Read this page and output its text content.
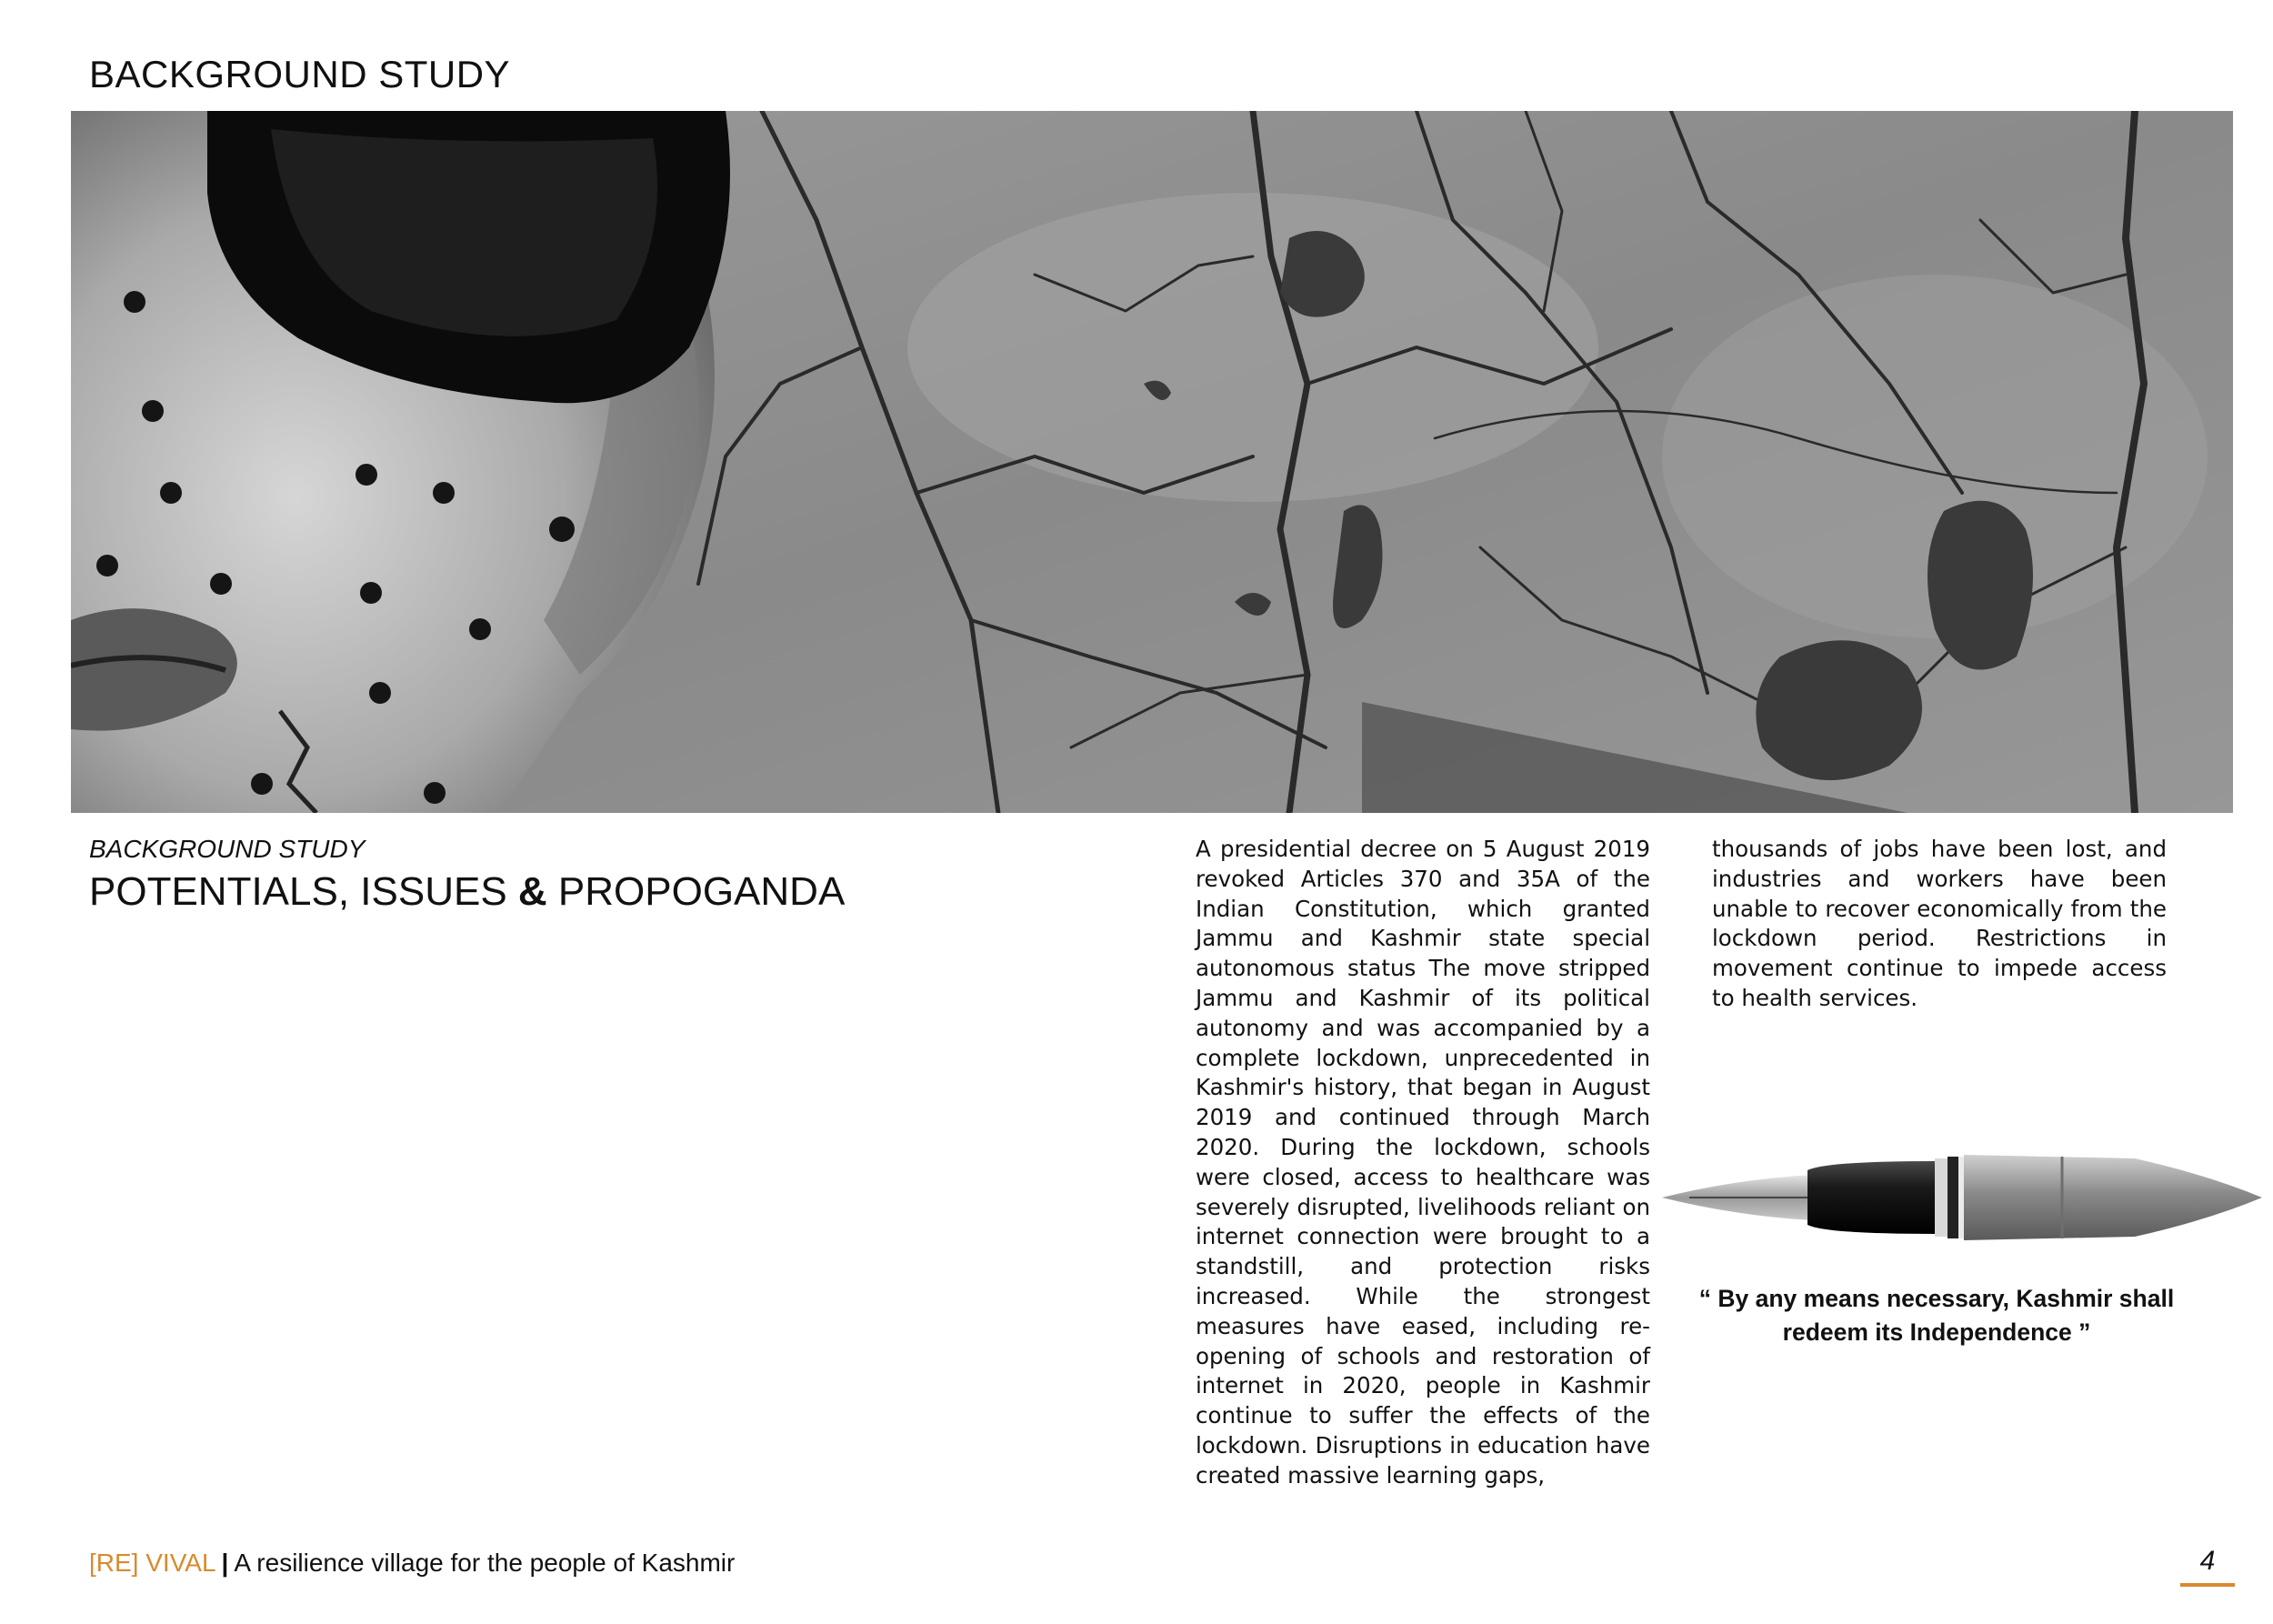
BACKGROUND STUDY
BACKGROUND STUDY
POTENTIALS, ISSUES & PROPOGANDA
A presidential decree on 5 August 2019 revoked Articles 370 and 35A of the Indian Constitution, which granted Jammu and Kashmir state special autonomous status The move stripped Jammu and Kashmir of its political autonomy and was accompanied by a complete lockdown, unprecedented in Kashmir's history, that began in August 2019 and continued through March 2020. During the lockdown, schools were closed, access to healthcare was severely disrupted, livelihoods reliant on internet connection were brought to a standstill, and protection risks increased. While the strongest measures have eased, including re-opening of schools and restoration of internet in 2020, people in Kashmir continue to suffer the effects of the lockdown. Disruptions in education have created massive learning gaps,
thousands of jobs have been lost, and industries and workers have been unable to recover economically from the lockdown period. Restrictions in movement continue to impede access to health services.
“ By any means necessary, Kashmir shall redeem its Independence ”
[RE] VIVAL | A resilience village for the people of Kashmir	4
